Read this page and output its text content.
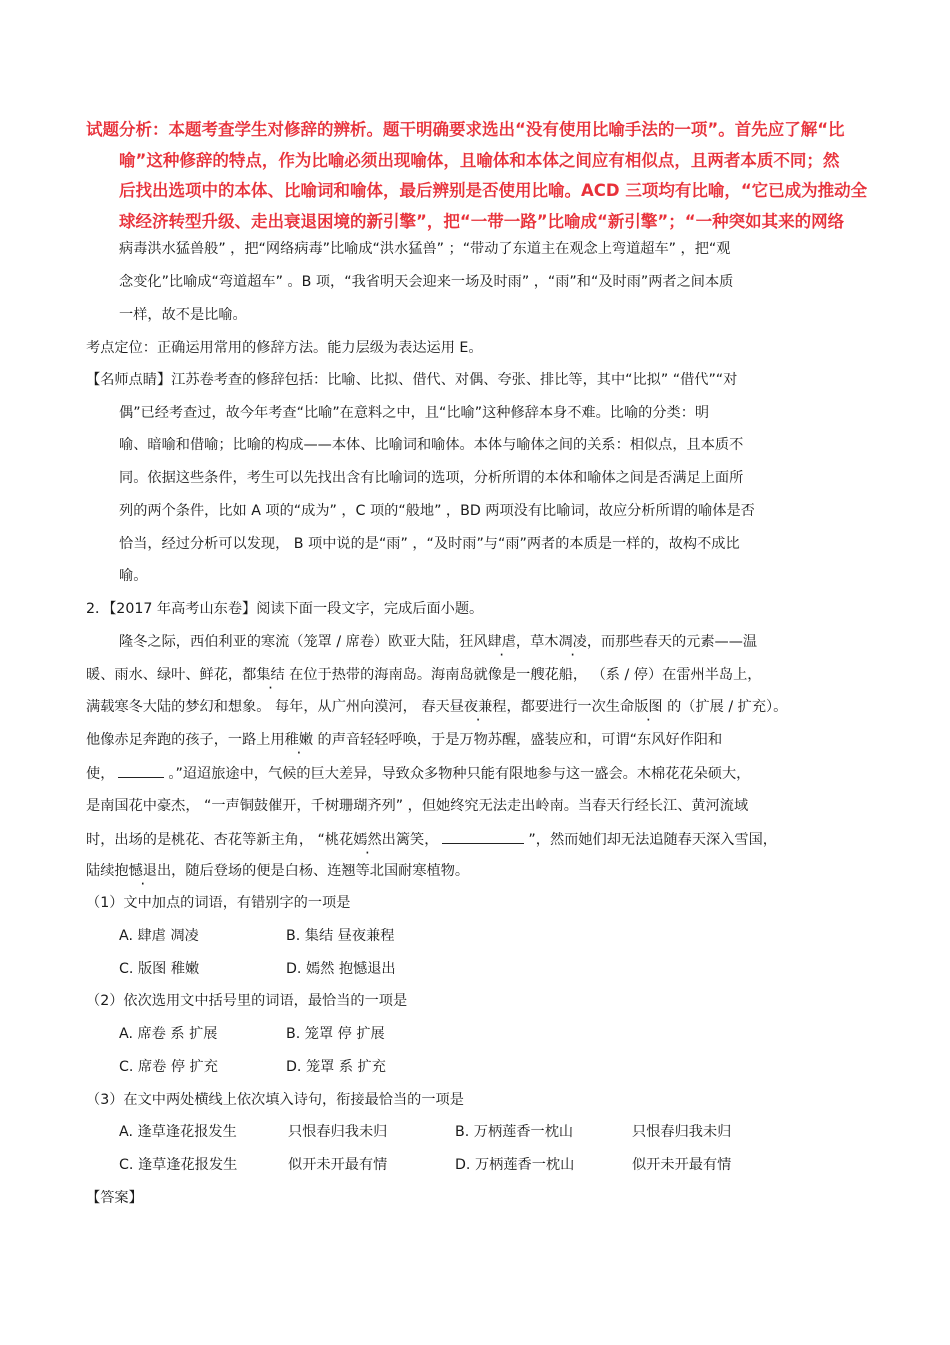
试题分析：本题考查学生对修辞的辨析。题干明确要求选出“没有使用比喻手法的一项”。首先应了解“比
喻”这种修辞的特点，作为比喻必须出现喻体，且喻体和本体之间应有相似点，且两者本质不同；然
后找出选项中的本体、比喻词和喻体，最后辨别是否使用比喻。ACD 三项均有比喻，“它已成为推动全
球经济转型升级、走出衰退困境的新引擎”，把“一带一路”比喻成“新引擎”；“一种突如其来的网络
病毒洪水猛兽般” ，把“网络病毒”比喻成“洪水猛兽” ；“带动了东道主在观念上弯道超车” ，把“观
念变化”比喻成“弯道超车” 。B 项，“我省明天会迎来一场及时雨” ，“雨”和“及时雨”两者之间本质
一样，故不是比喻。
考点定位：正确运用常用的修辞方法。能力层级为表达运用 E。
【名师点睛】江苏卷考查的修辞包括：比喻、比拟、借代、对偶、夸张、排比等，其中“比拟” “借代”“对
偶”已经考查过，故今年考查“比喻”在意料之中，且“比喻”这种修辞本身不难。比喻的分类：明
喻、暗喻和借喻；比喻的构成——本体、比喻词和喻体。本体与喻体之间的关系：相似点，且本质不
同。依据这些条件，考生可以先找出含有比喻词的选项，分析所谓的本体和喻体之间是否满足上面所
列的两个条件，比如 A 项的“成为” ，C 项的“般地” ，BD 两项没有比喻词，故应分析所谓的喻体是否
恰当，经过分析可以发现， B 项中说的是“雨” ，“及时雨”与“雨”两者的本质是一样的，故构不成比
喻。
2．【2017 年高考山东卷】阅读下面一段文字，完成后面小题。
隆冬之际，西伯利亚的寒流（笼罩 / 席卷）欧亚大陆，狂风肆虐，草木凋凌，而那些春天的元素——温
暖、雨水、绿叶、鲜花，都集结 在位于热带的海南岛。海南岛就像是一艘花船， （系 / 停）在雷州半岛上，
满载寒冬大陆的梦幻和想象。 每年，从广州向漠河， 春天昼夜兼程，都要进行一次生命版图 的（扩展 / 扩充）。
他像赤足奔跑的孩子，一路上用稚嫩 的声音轻轻呼唤，于是万物苏醒，盛装应和，可谓“东风好作阳和
使，	。”迢迢旅途中，气候的巨大差异，导致众多物种只能有限地参与这一盛会。木棉花花朵硕大，
是南国花中豪杰， “一声铜鼓催开，千树珊瑚齐列” ，但她终究无法走出岭南。当春天行经长江、黄河流域
时，出场的是桃花、杏花等新主角， “桃花嫣然出篱笑，	”，然而她们却无法追随春天深入雪国，
陆续抱憾退出，随后登场的便是白杨、连翘等北国耐寒植物。
（1）文中加点的词语，有错别字的一项是
A. 肆虐 凋凌	B. 集结 昼夜兼程
C. 版图 稚嫩	D. 嫣然 抱憾退出
（2）依次选用文中括号里的词语，最恰当的一项是
A. 席卷 系 扩展	B. 笼罩 停 扩展
C. 席卷 停 扩充	D. 笼罩 系 扩充
（3）在文中两处横线上依次填入诗句，衔接最恰当的一项是
A. 逢草逢花报发生	只恨春归我未归	B. 万柄莲香一枕山	只恨春归我未归
C. 逢草逢花报发生	似开未开最有情	D. 万柄莲香一枕山	似开未开最有情
【答案】
